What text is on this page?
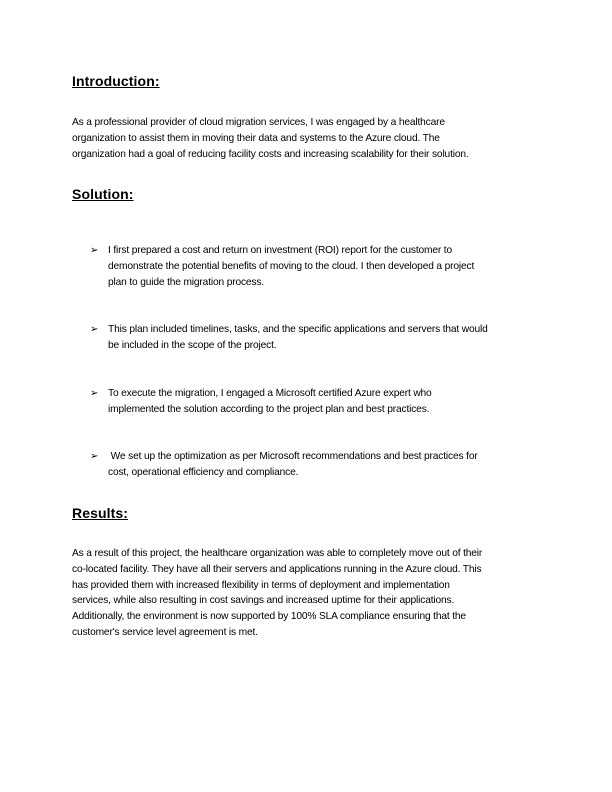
Introduction:
As a professional provider of cloud migration services, I was engaged by a healthcare
organization to assist them in moving their data and systems to the Azure cloud. The
organization had a goal of reducing facility costs and increasing scalability for their solution.
Solution:
➢ I first prepared a cost and return on investment (ROI) report for the customer to
demonstrate the potential benefits of moving to the cloud. I then developed a project
plan to guide the migration process.
➢ This plan included timelines, tasks, and the specific applications and servers that would
be included in the scope of the project.
➢ To execute the migration, I engaged a Microsoft certified Azure expert who
implemented the solution according to the project plan and best practices.
➢ We set up the optimization as per Microsoft recommendations and best practices for
cost, operational efficiency and compliance.
Results:
As a result of this project, the healthcare organization was able to completely move out of their
co-located facility. They have all their servers and applications running in the Azure cloud. This
has provided them with increased flexibility in terms of deployment and implementation
services, while also resulting in cost savings and increased uptime for their applications.
Additionally, the environment is now supported by 100% SLA compliance ensuring that the
customer's service level agreement is met.
